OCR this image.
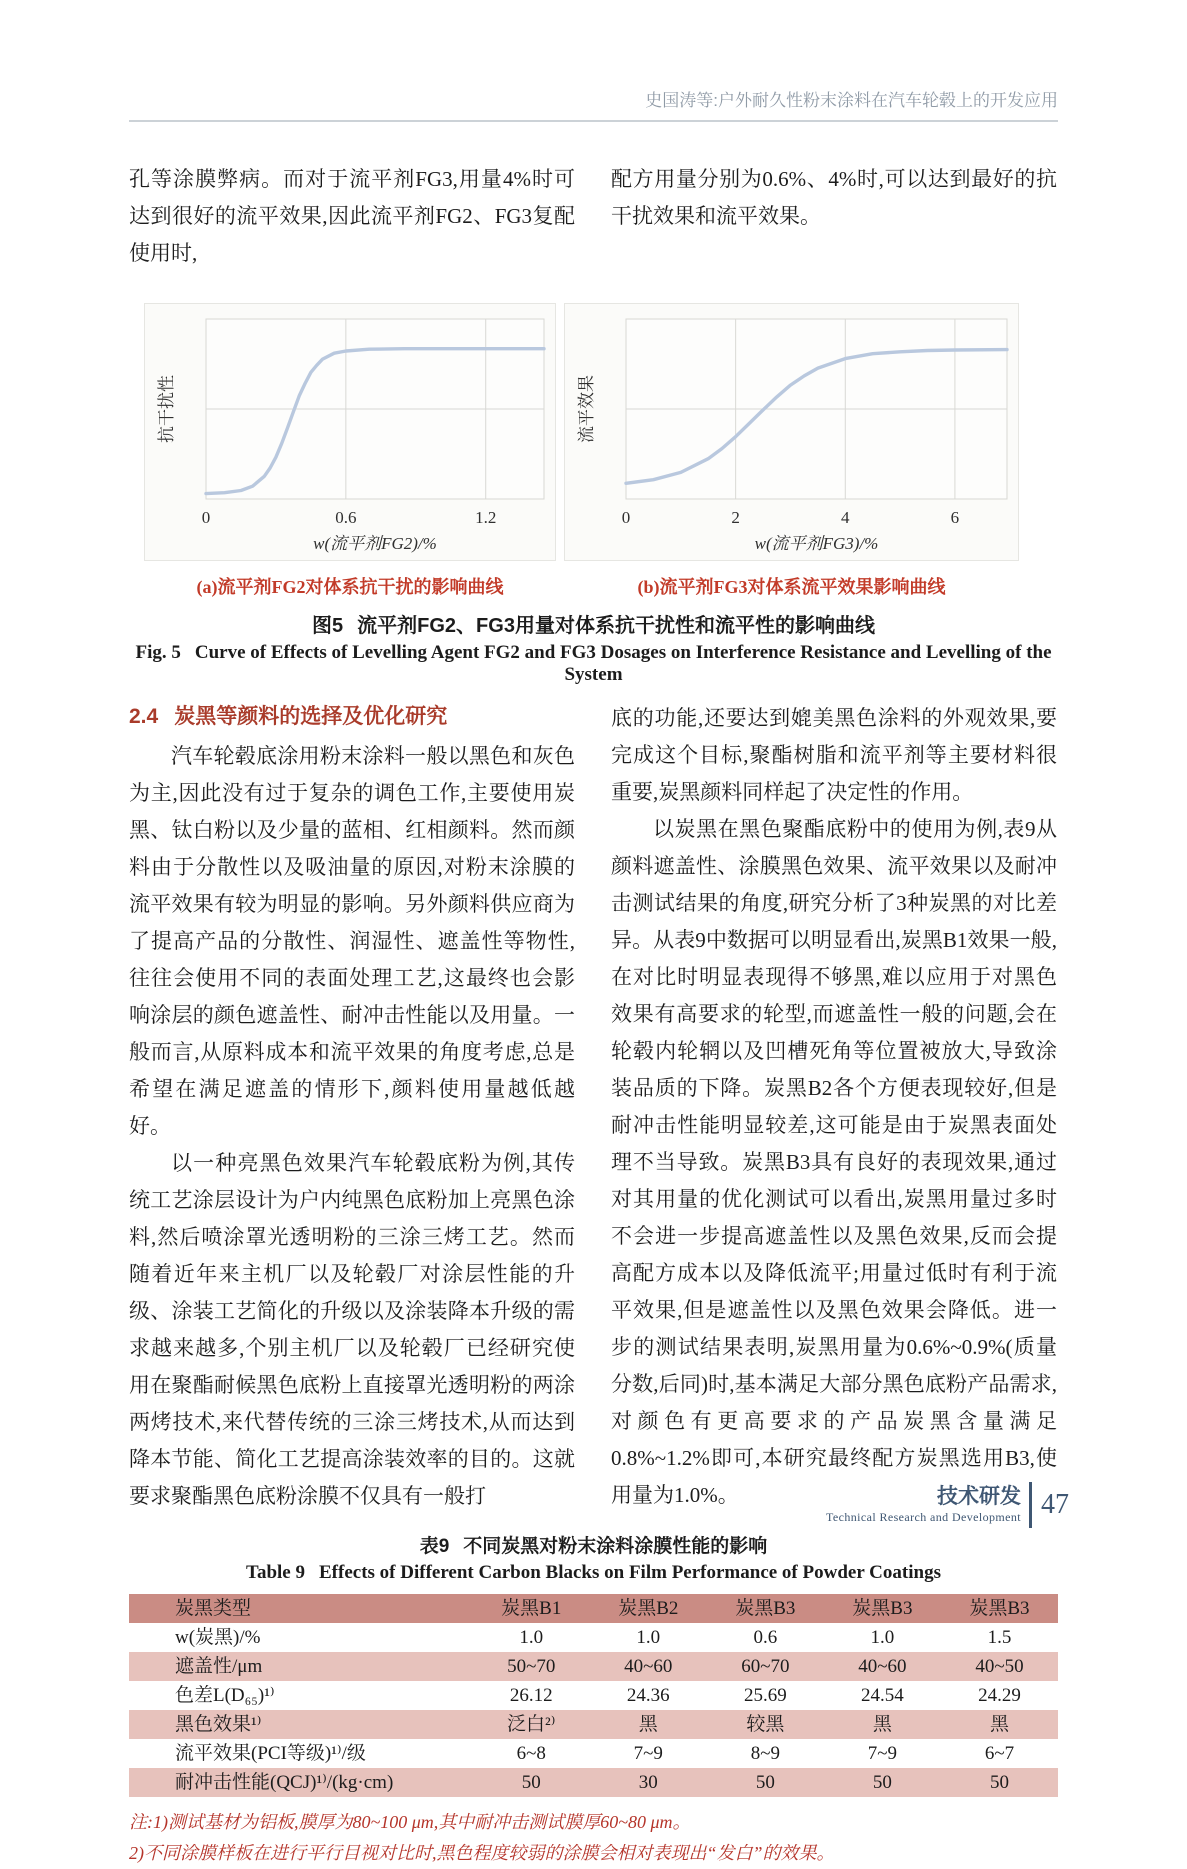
史国涛等:户外耐久性粉末涂料在汽车轮毂上的开发应用

孔等涂膜弊病。而对于流平剂FG3,用量4%时可达到很好的流平效果,因此流平剂FG2、FG3复配使用时,

配方用量分别为0.6%、4%时,可以达到最好的抗干扰效果和流平效果。

0	0.6	1.2
w(流平剂FG2)/%
抗干扰性
(a)流平剂FG2对体系抗干扰的影响曲线
0	2	4	6
w(流平剂FG3)/%
流平效果
(b)流平剂FG3对体系流平效果影响曲线
图5 流平剂FG2、FG3用量对体系抗干扰性和流平性的影响曲线
Fig. 5 Curve of Effects of Levelling Agent FG2 and FG3 Dosages on Interference Resistance and Levelling of the System
2.4 炭黑等颜料的选择及优化研究

汽车轮毂底涂用粉末涂料一般以黑色和灰色为主,因此没有过于复杂的调色工作,主要使用炭黑、钛白粉以及少量的蓝相、红相颜料。然而颜料由于分散性以及吸油量的原因,对粉末涂膜的流平效果有较为明显的影响。另外颜料供应商为了提高产品的分散性、润湿性、遮盖性等物性,往往会使用不同的表面处理工艺,这最终也会影响涂层的颜色遮盖性、耐冲击性能以及用量。一般而言,从原料成本和流平效果的角度考虑,总是希望在满足遮盖的情形下,颜料使用量越低越好。

以一种亮黑色效果汽车轮毂底粉为例,其传统工艺涂层设计为户内纯黑色底粉加上亮黑色涂料,然后喷涂罩光透明粉的三涂三烤工艺。然而随着近年来主机厂以及轮毂厂对涂层性能的升级、涂装工艺简化的升级以及涂装降本升级的需求越来越多,个别主机厂以及轮毂厂已经研究使用在聚酯耐候黑色底粉上直接罩光透明粉的两涂两烤技术,来代替传统的三涂三烤技术,从而达到降本节能、简化工艺提高涂装效率的目的。这就要求聚酯黑色底粉涂膜不仅具有一般打

底的功能,还要达到媲美黑色涂料的外观效果,要完成这个目标,聚酯树脂和流平剂等主要材料很重要,炭黑颜料同样起了决定性的作用。

以炭黑在黑色聚酯底粉中的使用为例,表9从颜料遮盖性、涂膜黑色效果、流平效果以及耐冲击测试结果的角度,研究分析了3种炭黑的对比差异。从表9中数据可以明显看出,炭黑B1效果一般,在对比时明显表现得不够黑,难以应用于对黑色效果有高要求的轮型,而遮盖性一般的问题,会在轮毂内轮辋以及凹槽死角等位置被放大,导致涂装品质的下降。炭黑B2各个方便表现较好,但是耐冲击性能明显较差,这可能是由于炭黑表面处理不当导致。炭黑B3具有良好的表现效果,通过对其用量的优化测试可以看出,炭黑用量过多时不会进一步提高遮盖性以及黑色效果,反而会提高配方成本以及降低流平;用量过低时有利于流平效果,但是遮盖性以及黑色效果会降低。进一步的测试结果表明,炭黑用量为0.6%~0.9%(质量分数,后同)时,基本满足大部分黑色底粉产品需求,对颜色有更高要求的产品炭黑含量满足0.8%~1.2%即可,本研究最终配方炭黑选用B3,使用量为1.0%。

表9 不同炭黑对粉末涂料涂膜性能的影响
Table 9 Effects of Different Carbon Blacks on Film Performance of Powder Coatings
炭黑类型	炭黑B1	炭黑B2	炭黑B3	炭黑B3	炭黑B3
w(炭黑)/%	1.0	1.0	0.6	1.0	1.5
遮盖性/μm	50~70	40~60	60~70	40~60	40~50
色差L(D₆₅)¹⁾	26.12	24.36	25.69	24.54	24.29
黑色效果¹⁾	泛白²⁾	黑	较黑	黑	黑
流平效果(PCI等级)¹⁾/级	6~8	7~9	8~9	7~9	6~7
耐冲击性能(QCJ)¹⁾/(kg·cm)	50	30	50	50	50
注:1)测试基材为铝板,膜厚为80~100 μm,其中耐冲击测试膜厚60~80 μm。
2)不同涂膜样板在进行平行目视对比时,黑色程度较弱的涂膜会相对表现出“发白”的效果。
技术研发
Technical Research and Development 47
